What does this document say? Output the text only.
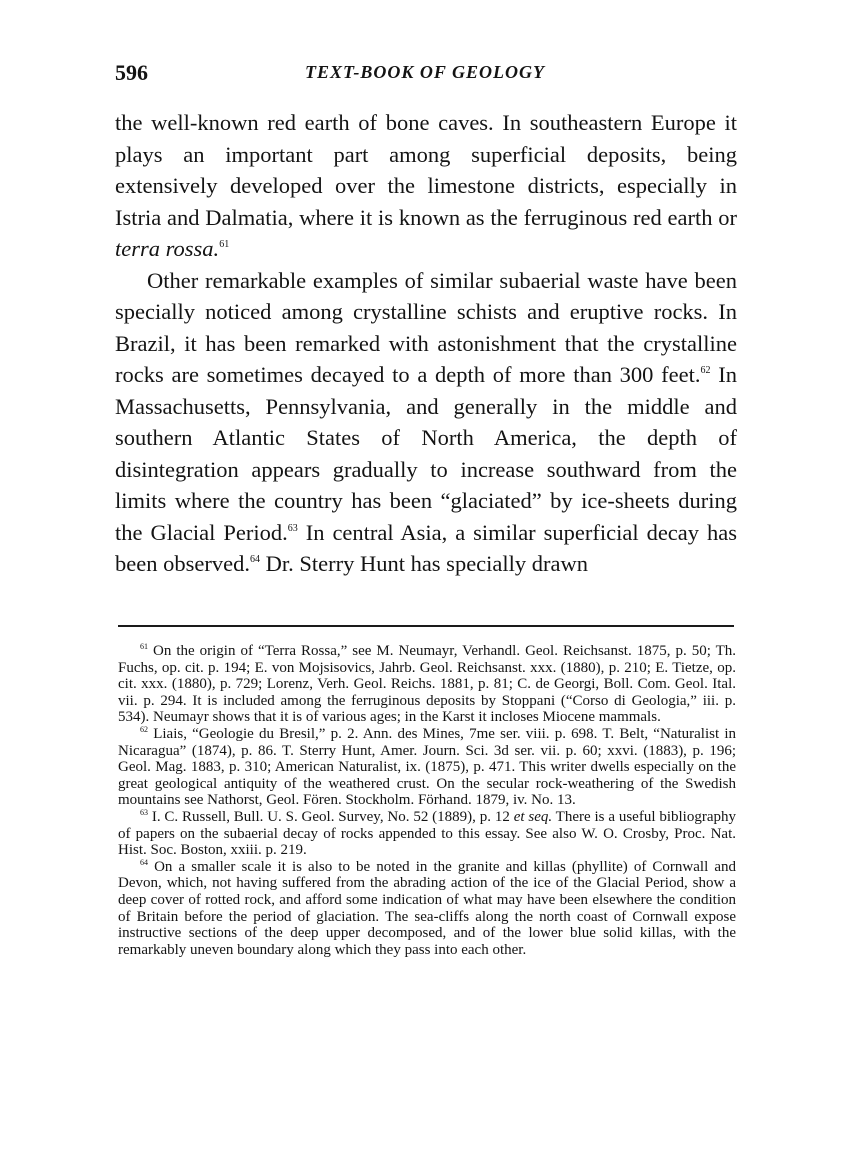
596	TEXT-BOOK OF GEOLOGY

the well-known red earth of bone caves. In southeastern Europe it plays an important part among superficial deposits, being extensively developed over the limestone districts, especially in Istria and Dalmatia, where it is known as the ferruginous red earth or terra rossa.$^{61}$

Other remarkable examples of similar subaerial waste have been specially noticed among crystalline schists and eruptive rocks. In Brazil, it has been remarked with astonishment that the crystalline rocks are sometimes decayed to a depth of more than 300 feet.$^{62}$ In Massachusetts, Pennsylvania, and generally in the middle and southern Atlantic States of North America, the depth of disintegration appears gradually to increase southward from the limits where the country has been “glaciated” by ice-sheets during the Glacial Period.$^{63}$ In central Asia, a similar superficial decay has been observed.$^{64}$ Dr. Sterry Hunt has specially drawn

$^{61}$ On the origin of “Terra Rossa,” see M. Neumayr, Verhandl. Geol. Reichsanst. 1875, p. 50; Th. Fuchs, op. cit. p. 194; E. von Mojsisovics, Jahrb. Geol. Reichsanst. xxx. (1880), p. 210; E. Tietze, op. cit. xxx. (1880), p. 729; Lorenz, Verh. Geol. Reichs. 1881, p. 81; C. de Georgi, Boll. Com. Geol. Ital. vii. p. 294. It is included among the ferruginous deposits by Stoppani (“Corso di Geologia,” iii. p. 534). Neumayr shows that it is of various ages; in the Karst it incloses Miocene mammals.

$^{62}$ Liais, “Geologie du Bresil,” p. 2. Ann. des Mines, 7me ser. viii. p. 698. T. Belt, “Naturalist in Nicaragua” (1874), p. 86. T. Sterry Hunt, Amer. Journ. Sci. 3d ser. vii. p. 60; xxvi. (1883), p. 196; Geol. Mag. 1883, p. 310; American Naturalist, ix. (1875), p. 471. This writer dwells especially on the great geological antiquity of the weathered crust. On the secular rock-weathering of the Swedish mountains see Nathorst, Geol. Fören. Stockholm. Förhand. 1879, iv. No. 13.

$^{63}$ I. C. Russell, Bull. U. S. Geol. Survey, No. 52 (1889), p. 12 et seq. There is a useful bibliography of papers on the subaerial decay of rocks appended to this essay. See also W. O. Crosby, Proc. Nat. Hist. Soc. Boston, xxiii. p. 219.

$^{64}$ On a smaller scale it is also to be noted in the granite and killas (phyllite) of Cornwall and Devon, which, not having suffered from the abrading action of the ice of the Glacial Period, show a deep cover of rotted rock, and afford some indication of what may have been elsewhere the condition of Britain before the period of glaciation. The sea-cliffs along the north coast of Cornwall expose instructive sections of the deep upper decomposed, and of the lower blue solid killas, with the remarkably uneven boundary along which they pass into each other.
